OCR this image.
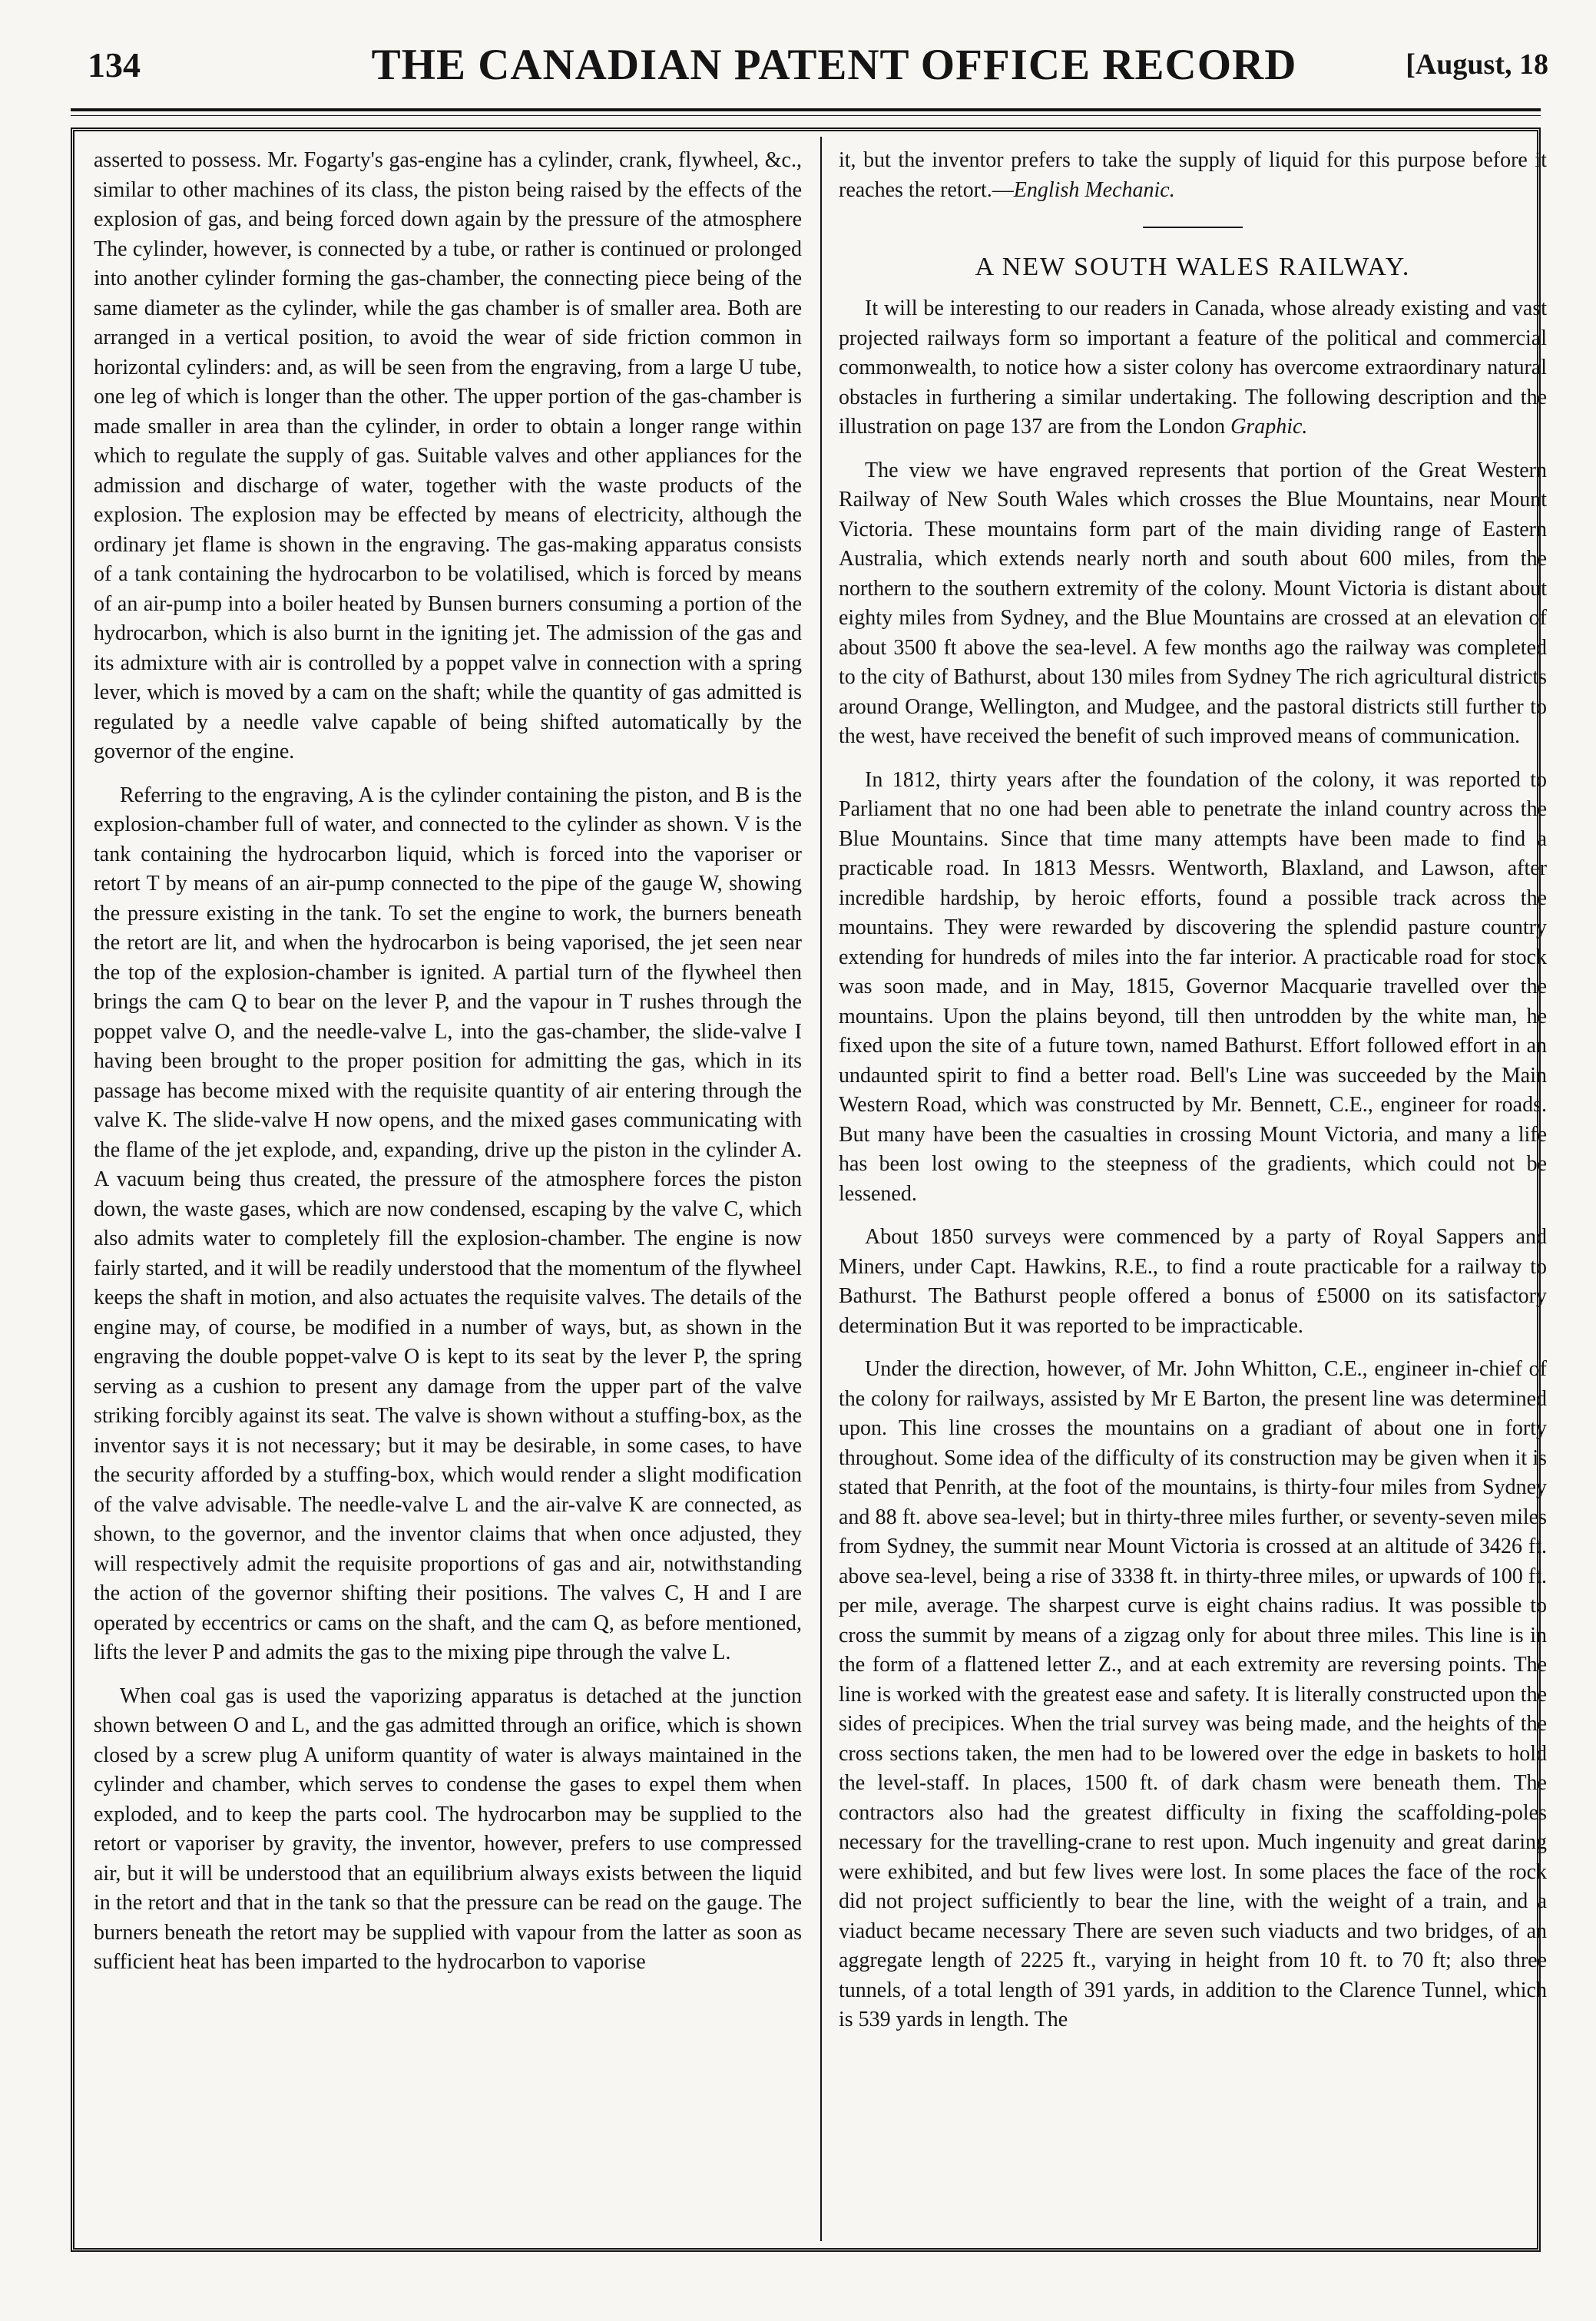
134	THE CANADIAN PATENT OFFICE RECORD	[August, 18

asserted to possess. Mr. Fogarty's gas-engine has a cylinder, crank, flywheel, &c., similar to other machines of its class, the piston being raised by the effects of the explosion of gas, and being forced down again by the pressure of the atmosphere The cylinder, however, is connected by a tube, or rather is continued or prolonged into another cylinder forming the gas-chamber, the connecting piece being of the same diameter as the cylinder, while the gas chamber is of smaller area. Both are arranged in a vertical position, to avoid the wear of side friction common in horizontal cylinders: and, as will be seen from the engraving, from a large U tube, one leg of which is longer than the other. The upper portion of the gas-chamber is made smaller in area than the cylinder, in order to obtain a longer range within which to regulate the supply of gas. Suitable valves and other appliances for the admission and discharge of water, together with the waste products of the explosion. The explosion may be effected by means of electricity, although the ordinary jet flame is shown in the engraving. The gas-making apparatus consists of a tank containing the hydrocarbon to be volatilised, which is forced by means of an air-pump into a boiler heated by Bunsen burners consuming a portion of the hydrocarbon, which is also burnt in the igniting jet. The admission of the gas and its admixture with air is controlled by a poppet valve in connection with a spring lever, which is moved by a cam on the shaft; while the quantity of gas admitted is regulated by a needle valve capable of being shifted automatically by the governor of the engine.

Referring to the engraving, A is the cylinder containing the piston, and B is the explosion-chamber full of water, and connected to the cylinder as shown. V is the tank containing the hydrocarbon liquid, which is forced into the vaporiser or retort T by means of an air-pump connected to the pipe of the gauge W, showing the pressure existing in the tank. To set the engine to work, the burners beneath the retort are lit, and when the hydrocarbon is being vaporised, the jet seen near the top of the explosion-chamber is ignited. A partial turn of the flywheel then brings the cam Q to bear on the lever P, and the vapour in T rushes through the poppet valve O, and the needle-valve L, into the gas-chamber, the slide-valve I having been brought to the proper position for admitting the gas, which in its passage has become mixed with the requisite quantity of air entering through the valve K. The slide-valve H now opens, and the mixed gases communicating with the flame of the jet explode, and, expanding, drive up the piston in the cylinder A. A vacuum being thus created, the pressure of the atmosphere forces the piston down, the waste gases, which are now condensed, escaping by the valve C, which also admits water to completely fill the explosion-chamber. The engine is now fairly started, and it will be readily understood that the momentum of the flywheel keeps the shaft in motion, and also actuates the requisite valves. The details of the engine may, of course, be modified in a number of ways, but, as shown in the engraving the double poppet-valve O is kept to its seat by the lever P, the spring serving as a cushion to present any damage from the upper part of the valve striking forcibly against its seat. The valve is shown without a stuffing-box, as the inventor says it is not necessary; but it may be desirable, in some cases, to have the security afforded by a stuffing-box, which would render a slight modification of the valve advisable. The needle-valve L and the air-valve K are connected, as shown, to the governor, and the inventor claims that when once adjusted, they will respectively admit the requisite proportions of gas and air, notwithstanding the action of the governor shifting their positions. The valves C, H and I are operated by eccentrics or cams on the shaft, and the cam Q, as before mentioned, lifts the lever P and admits the gas to the mixing pipe through the valve L.

When coal gas is used the vaporizing apparatus is detached at the junction shown between O and L, and the gas admitted through an orifice, which is shown closed by a screw plug A uniform quantity of water is always maintained in the cylinder and chamber, which serves to condense the gases to expel them when exploded, and to keep the parts cool. The hydrocarbon may be supplied to the retort or vaporiser by gravity, the inventor, however, prefers to use compressed air, but it will be understood that an equilibrium always exists between the liquid in the retort and that in the tank so that the pressure can be read on the gauge. The burners beneath the retort may be supplied with vapour from the latter as soon as sufficient heat has been imparted to the hydrocarbon to vaporise

it, but the inventor prefers to take the supply of liquid for this purpose before it reaches the retort.—English Mechanic.

A NEW SOUTH WALES RAILWAY.

It will be interesting to our readers in Canada, whose already existing and vast projected railways form so important a feature of the political and commercial commonwealth, to notice how a sister colony has overcome extraordinary natural obstacles in furthering a similar undertaking. The following description and the illustration on page 137 are from the London Graphic.

The view we have engraved represents that portion of the Great Western Railway of New South Wales which crosses the Blue Mountains, near Mount Victoria. These mountains form part of the main dividing range of Eastern Australia, which extends nearly north and south about 600 miles, from the northern to the southern extremity of the colony. Mount Victoria is distant about eighty miles from Sydney, and the Blue Mountains are crossed at an elevation of about 3500 ft above the sea-level. A few months ago the railway was completed to the city of Bathurst, about 130 miles from Sydney The rich agricultural districts around Orange, Wellington, and Mudgee, and the pastoral districts still further to the west, have received the benefit of such improved means of communication.

In 1812, thirty years after the foundation of the colony, it was reported to Parliament that no one had been able to penetrate the inland country across the Blue Mountains. Since that time many attempts have been made to find a practicable road. In 1813 Messrs. Wentworth, Blaxland, and Lawson, after incredible hardship, by heroic efforts, found a possible track across the mountains. They were rewarded by discovering the splendid pasture country extending for hundreds of miles into the far interior. A practicable road for stock was soon made, and in May, 1815, Governor Macquarie travelled over the mountains. Upon the plains beyond, till then untrodden by the white man, he fixed upon the site of a future town, named Bathurst. Effort followed effort in an undaunted spirit to find a better road. Bell's Line was succeeded by the Main Western Road, which was constructed by Mr. Bennett, C.E., engineer for roads. But many have been the casualties in crossing Mount Victoria, and many a life has been lost owing to the steepness of the gradients, which could not be lessened.

About 1850 surveys were commenced by a party of Royal Sappers and Miners, under Capt. Hawkins, R.E., to find a route practicable for a railway to Bathurst. The Bathurst people offered a bonus of £5000 on its satisfactory determination But it was reported to be impracticable.

Under the direction, however, of Mr. John Whitton, C.E., engineer in-chief of the colony for railways, assisted by Mr E Barton, the present line was determined upon. This line crosses the mountains on a gradiant of about one in forty throughout. Some idea of the difficulty of its construction may be given when it is stated that Penrith, at the foot of the mountains, is thirty-four miles from Sydney and 88 ft. above sea-level; but in thirty-three miles further, or seventy-seven miles from Sydney, the summit near Mount Victoria is crossed at an altitude of 3426 ft. above sea-level, being a rise of 3338 ft. in thirty-three miles, or upwards of 100 ft. per mile, average. The sharpest curve is eight chains radius. It was possible to cross the summit by means of a zigzag only for about three miles. This line is in the form of a flattened letter Z., and at each extremity are reversing points. The line is worked with the greatest ease and safety. It is literally constructed upon the sides of precipices. When the trial survey was being made, and the heights of the cross sections taken, the men had to be lowered over the edge in baskets to hold the level-staff. In places, 1500 ft. of dark chasm were beneath them. The contractors also had the greatest difficulty in fixing the scaffolding-poles necessary for the travelling-crane to rest upon. Much ingenuity and great daring were exhibited, and but few lives were lost. In some places the face of the rock did not project sufficiently to bear the line, with the weight of a train, and a viaduct became necessary There are seven such viaducts and two bridges, of an aggregate length of 2225 ft., varying in height from 10 ft. to 70 ft; also three tunnels, of a total length of 391 yards, in addition to the Clarence Tunnel, which is 539 yards in length. The
